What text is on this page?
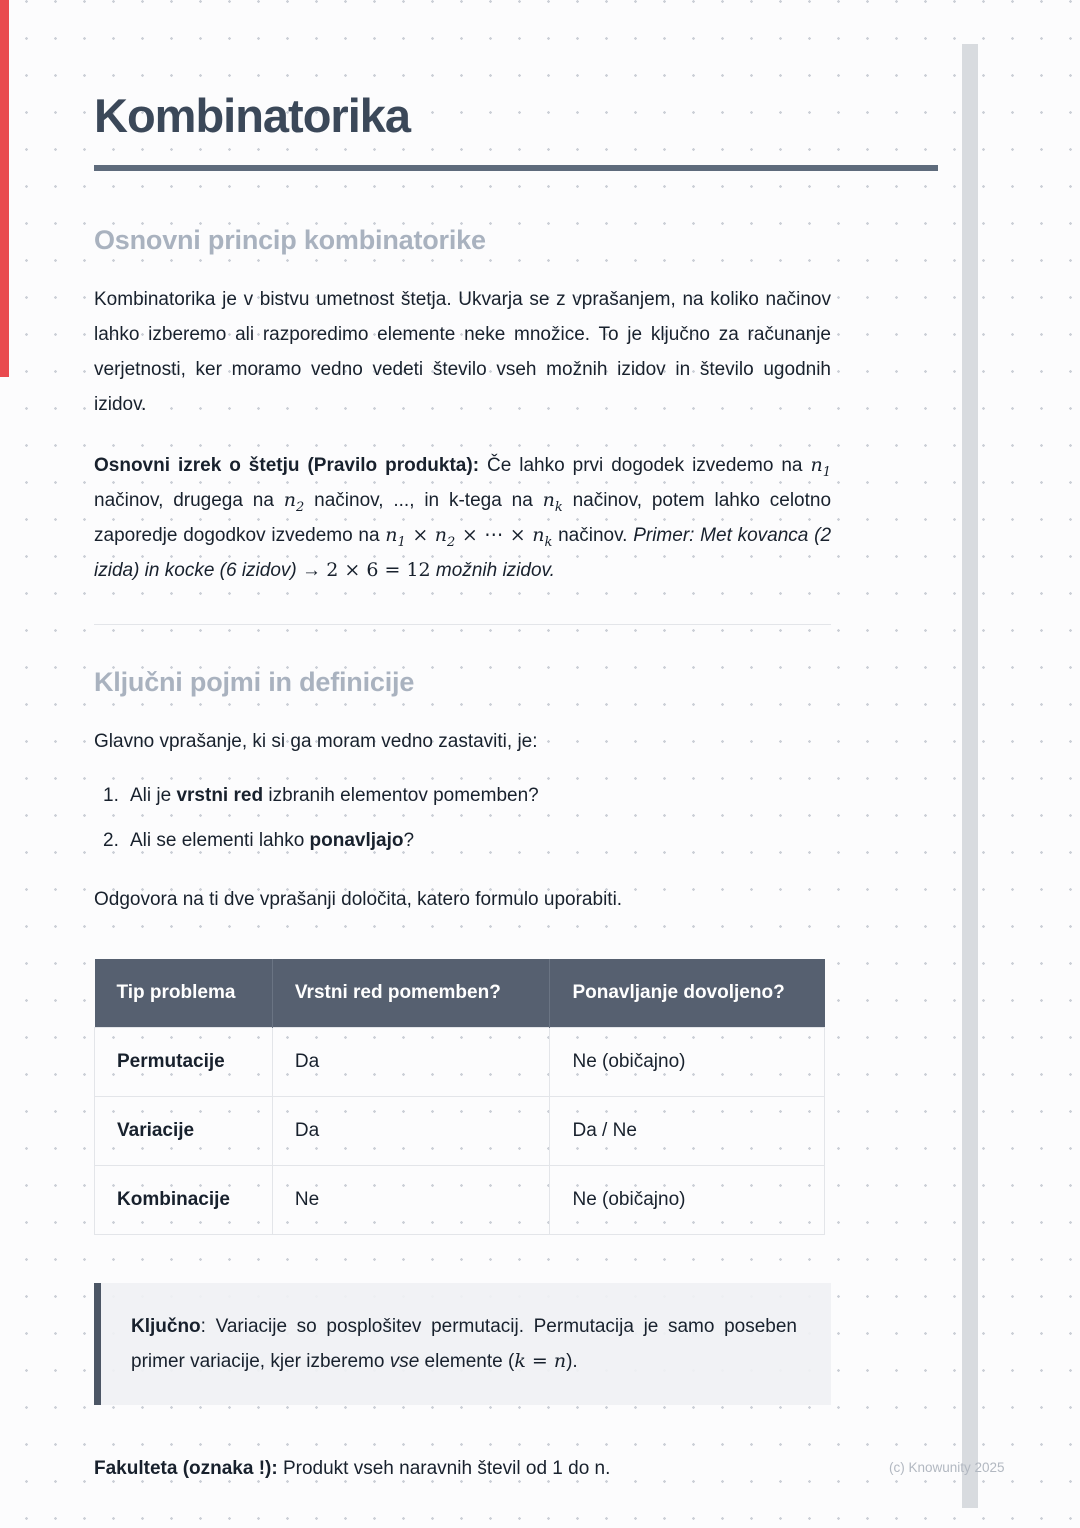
Kombinatorika
Osnovni princip kombinatorike

Kombinatorika je v bistvu umetnost štetja. Ukvarja se z vprašanjem, na koliko načinov lahko izberemo ali razporedimo elemente neke množice. To je ključno za računanje verjetnosti, ker moramo vedno vedeti število vseh možnih izidov in število ugodnih izidov.

Osnovni izrek o štetju (Pravilo produkta): Če lahko prvi dogodek izvedemo na $n_1$ načinov, drugega na $n_2$ načinov, ..., in k-tega na $n_k$ načinov, potem lahko celotno zaporedje dogodkov izvedemo na $n_1 \times n_2$ × ⋯ × $n_k$ načinov. Primer: Met kovanca (2 izida) in kocke (6 izidov) → 2 × 6 = 12 možnih izidov.

Ključni pojmi in definicije

Glavno vprašanje, ki si ga moram vedno zastaviti, je:

1. Ali je vrstni red izbranih elementov pomemben?
2. Ali se elementi lahko ponavljajo?

Odgovora na ti dve vprašanji določita, katero formulo uporabiti.

Tip problema	Vrstni red pomemben?	Ponavljanje dovoljeno?
Permutacije	Da	Ne (običajno)
Variacije	Da	Da / Ne
Kombinacije	Ne	Ne (običajno)
Ključno: Variacije so posplošitev permutacij. Permutacija je samo poseben primer variacije, kjer izberemo vse elemente (k = n).

Fakulteta (oznaka !): Produkt vseh naravnih števil od 1 do n.	(c) Knowunity 2025
